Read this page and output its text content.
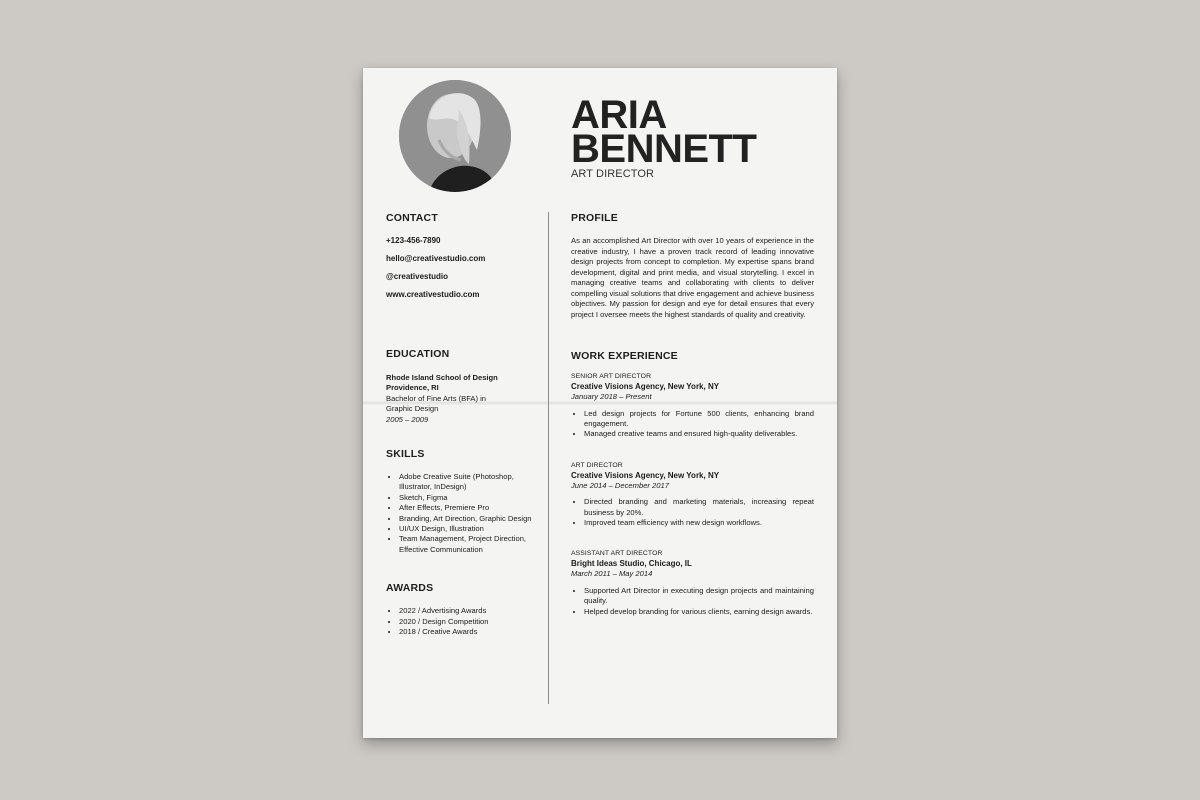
ARIA
BENNETT
ART DIRECTOR
CONTACT
+123-456-7890
hello@creativestudio.com
@creativestudio
www.creativestudio.com
EDUCATION
Rhode Island School of Design
Providence, RI
Bachelor of Fine Arts (BFA) in Graphic Design
2005 – 2009
SKILLS
• Adobe Creative Suite (Photoshop, Illustrator, InDesign)
• Sketch, Figma
• After Effects, Premiere Pro
• Branding, Art Direction, Graphic Design
• UI/UX Design, Illustration
• Team Management, Project Direction, Effective Communication
AWARDS
• 2022 / Advertising Awards
• 2020 / Design Competition
• 2018 / Creative Awards
PROFILE
As an accomplished Art Director with over 10 years of experience in the creative industry, I have a proven track record of leading innovative design projects from concept to completion. My expertise spans brand development, digital and print media, and visual storytelling. I excel in managing creative teams and collaborating with clients to deliver compelling visual solutions that drive engagement and achieve business objectives. My passion for design and eye for detail ensures that every project I oversee meets the highest standards of quality and creativity.
WORK EXPERIENCE
SENIOR ART DIRECTOR
Creative Visions Agency, New York, NY
January 2018 – Present
• Led design projects for Fortune 500 clients, enhancing brand engagement.
• Managed creative teams and ensured high-quality deliverables.
ART DIRECTOR
Creative Visions Agency, New York, NY
June 2014 – December 2017
• Directed branding and marketing materials, increasing repeat business by 20%.
• Improved team efficiency with new design workflows.
ASSISTANT ART DIRECTOR
Bright Ideas Studio, Chicago, IL
March 2011 – May 2014
• Supported Art Director in executing design projects and maintaining quality.
• Helped develop branding for various clients, earning design awards.
